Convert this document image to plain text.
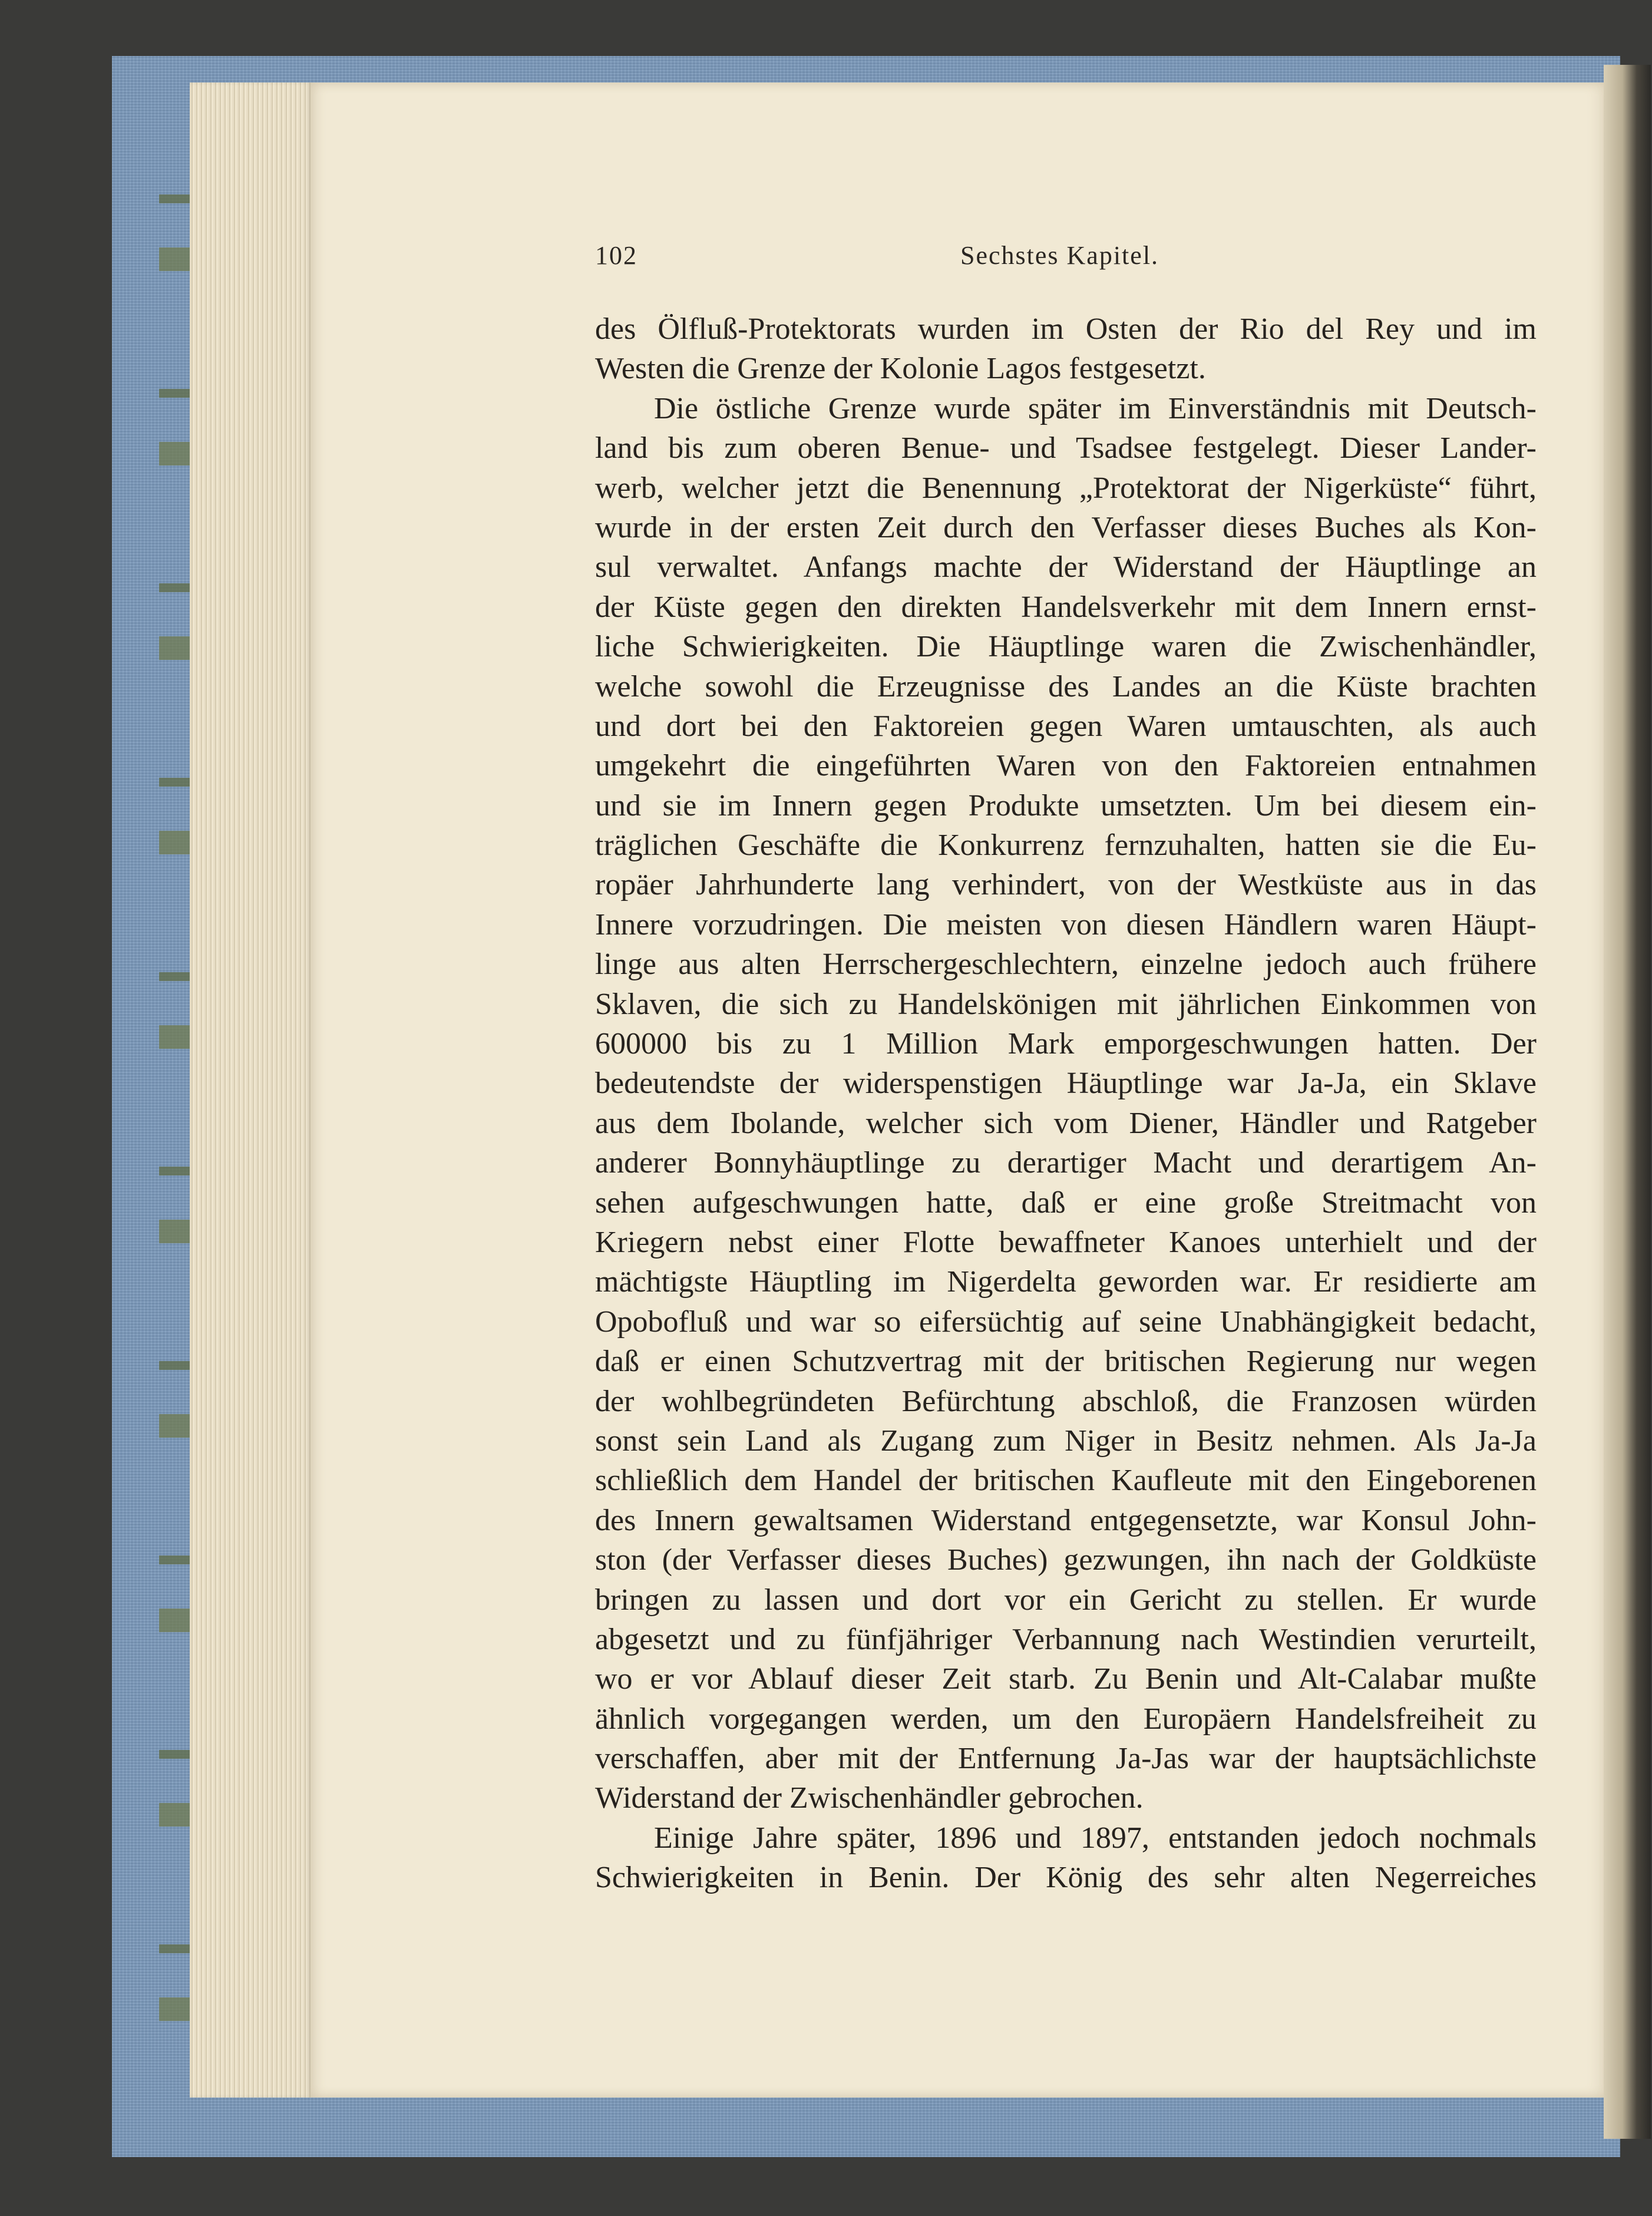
102	Sechstes Kapitel.
des Ölfluß-Protektorats wurden im Osten der Rio del Rey und im
Westen die Grenze der Kolonie Lagos festgesetzt.
Die östliche Grenze wurde später im Einverständnis mit Deutsch-
land bis zum oberen Benue- und Tsadsee festgelegt. Dieser Lander-
werb, welcher jetzt die Benennung „Protektorat der Nigerküste“ führt,
wurde in der ersten Zeit durch den Verfasser dieses Buches als Kon-
sul verwaltet. Anfangs machte der Widerstand der Häuptlinge an
der Küste gegen den direkten Handelsverkehr mit dem Innern ernst-
liche Schwierigkeiten. Die Häuptlinge waren die Zwischenhändler,
welche sowohl die Erzeugnisse des Landes an die Küste brachten
und dort bei den Faktoreien gegen Waren umtauschten, als auch
umgekehrt die eingeführten Waren von den Faktoreien entnahmen
und sie im Innern gegen Produkte umsetzten. Um bei diesem ein-
träglichen Geschäfte die Konkurrenz fernzuhalten, hatten sie die Eu-
ropäer Jahrhunderte lang verhindert, von der Westküste aus in das
Innere vorzudringen. Die meisten von diesen Händlern waren Häupt-
linge aus alten Herrschergeschlechtern, einzelne jedoch auch frühere
Sklaven, die sich zu Handelskönigen mit jährlichen Einkommen von
600000 bis zu 1 Million Mark emporgeschwungen hatten. Der
bedeutendste der widerspenstigen Häuptlinge war Ja-Ja, ein Sklave
aus dem Ibolande, welcher sich vom Diener, Händler und Ratgeber
anderer Bonnyhäuptlinge zu derartiger Macht und derartigem An-
sehen aufgeschwungen hatte, daß er eine große Streitmacht von
Kriegern nebst einer Flotte bewaffneter Kanoes unterhielt und der
mächtigste Häuptling im Nigerdelta geworden war. Er residierte am
Opobofluß und war so eifersüchtig auf seine Unabhängigkeit bedacht,
daß er einen Schutzvertrag mit der britischen Regierung nur wegen
der wohlbegründeten Befürchtung abschloß, die Franzosen würden
sonst sein Land als Zugang zum Niger in Besitz nehmen. Als Ja-Ja
schließlich dem Handel der britischen Kaufleute mit den Eingeborenen
des Innern gewaltsamen Widerstand entgegensetzte, war Konsul John-
ston (der Verfasser dieses Buches) gezwungen, ihn nach der Goldküste
bringen zu lassen und dort vor ein Gericht zu stellen. Er wurde
abgesetzt und zu fünfjähriger Verbannung nach Westindien verurteilt,
wo er vor Ablauf dieser Zeit starb. Zu Benin und Alt-Calabar mußte
ähnlich vorgegangen werden, um den Europäern Handelsfreiheit zu
verschaffen, aber mit der Entfernung Ja-Jas war der hauptsächlichste
Widerstand der Zwischenhändler gebrochen.
Einige Jahre später, 1896 und 1897, entstanden jedoch nochmals
Schwierigkeiten in Benin. Der König des sehr alten Negerreiches
